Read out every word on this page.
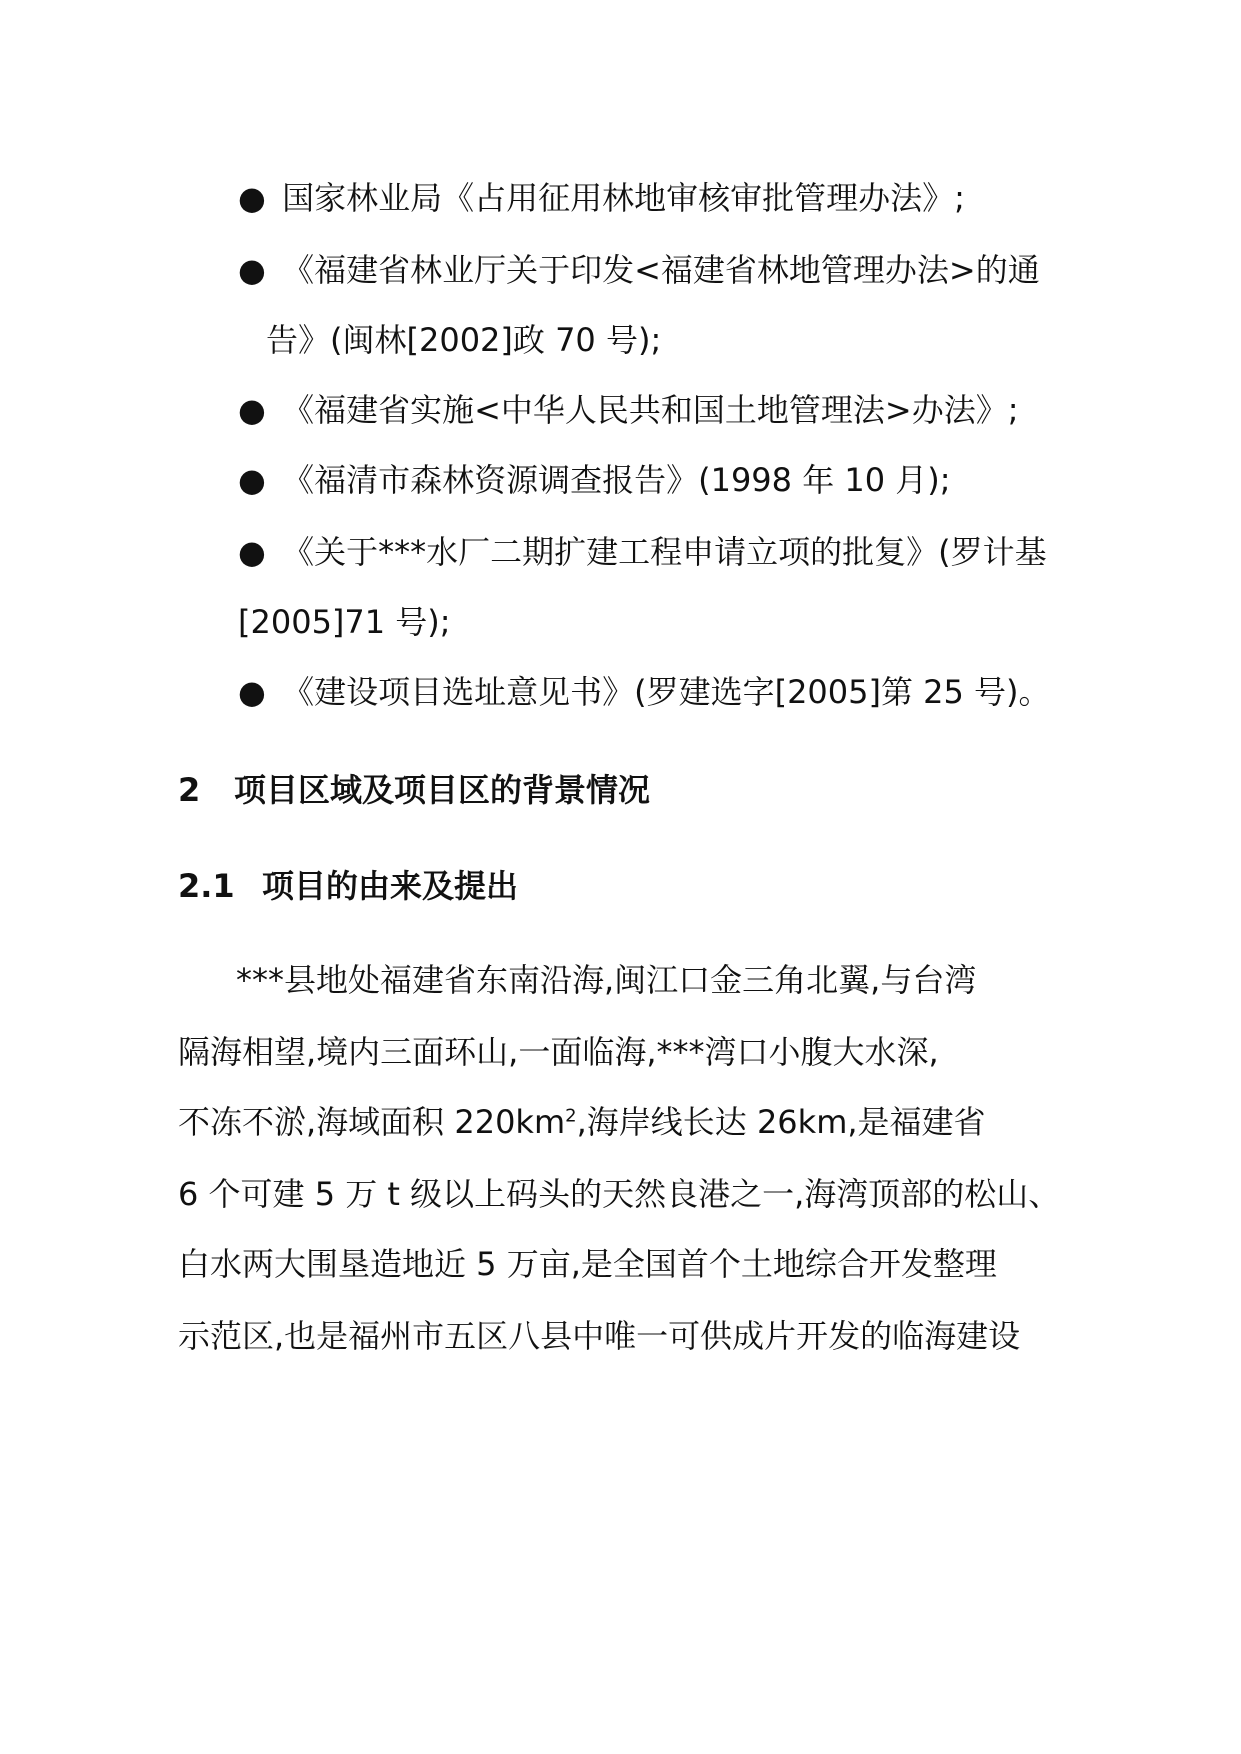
● 国家林业局《占用征用林地审核审批管理办法》;
● 《福建省林业厅关于印发<福建省林地管理办法>的通
告》(闽林[2002]政 70 号);
● 《福建省实施<中华人民共和国土地管理法>办法》;
● 《福清市森林资源调查报告》(1998 年 10 月);
● 《关于***水厂二期扩建工程申请立项的批复》(罗计基
[2005]71 号);
● 《建设项目选址意见书》(罗建选字[2005]第 25 号)。
2 项目区域及项目区的背景情况
2.1 项目的由来及提出
***县地处福建省东南沿海,闽江口金三角北翼,与台湾
隔海相望,境内三面环山,一面临海,***湾口小腹大水深,
不冻不淤,海域面积 $220km^2$,海岸线长达 26km,是福建省
6 个可建 5 万 t 级以上码头的天然良港之一,海湾顶部的松山、
白水两大围垦造地近 5 万亩,是全国首个土地综合开发整理
示范区,也是福州市五区八县中唯一可供成片开发的临海建设
